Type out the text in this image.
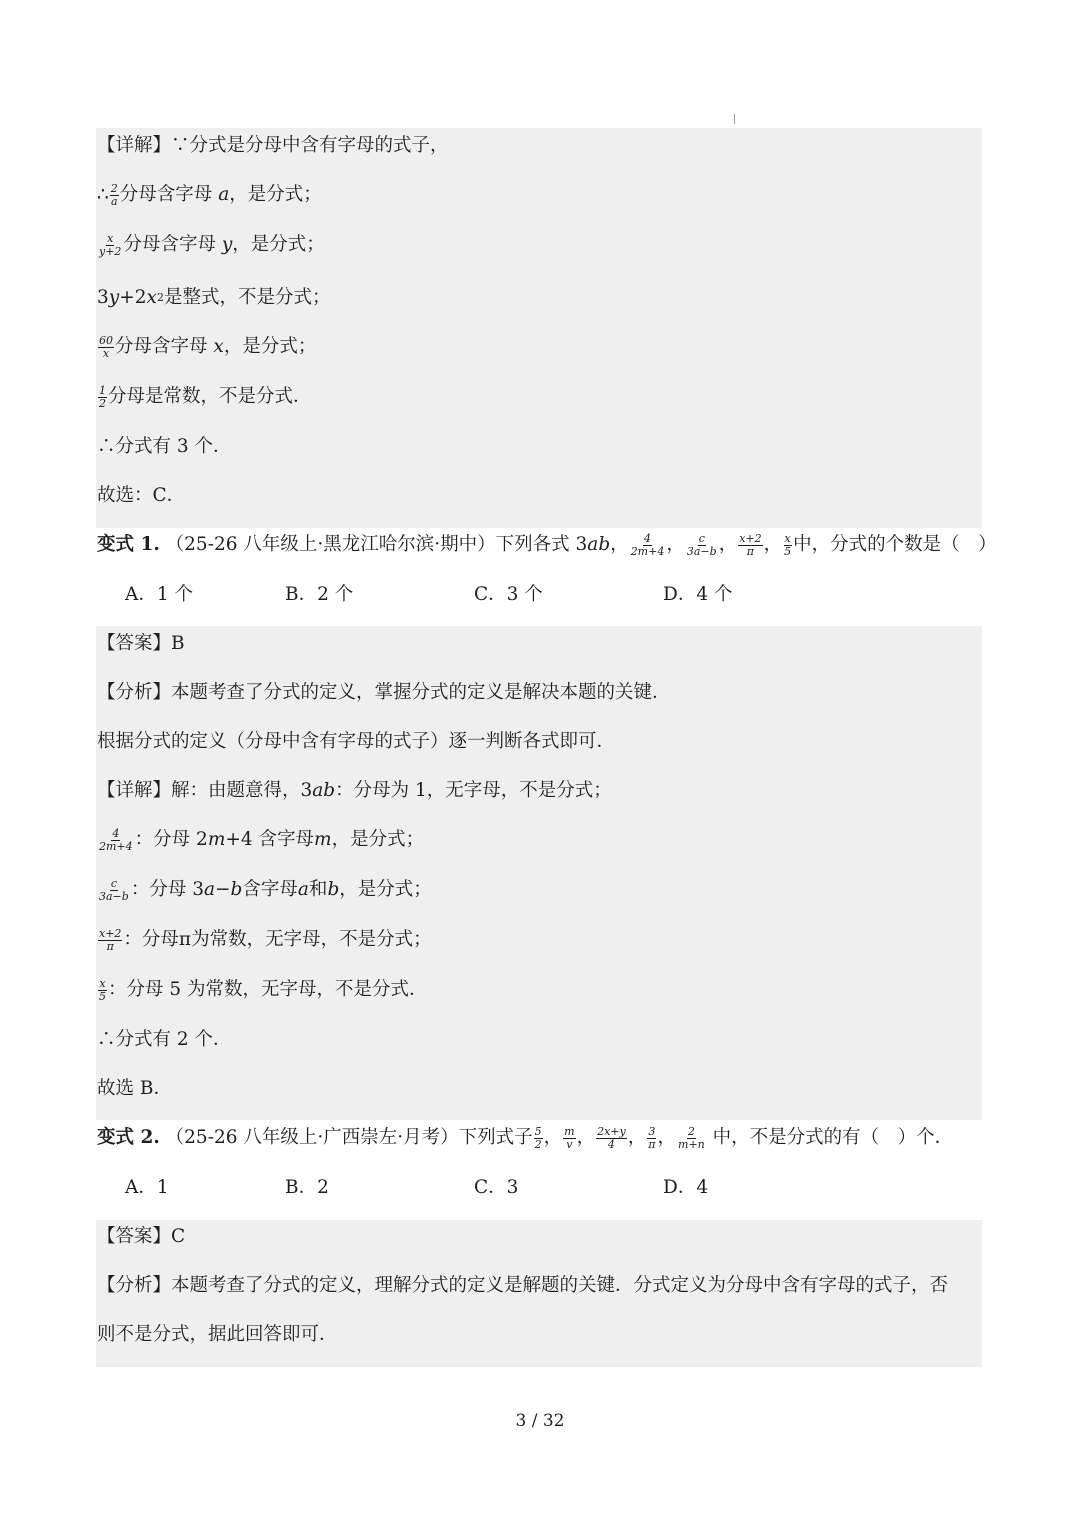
【详解】∵分式是分母中含有字母的式子，
∴ $\frac{2}{a}$ 分母含字母
a ，是分式；
$\frac{x}{y+2}$ 分母含字母
y ，是分式；
3 y +2 x 2 是整式，不是分式；
$\frac{60}{x}$ 分母含字母
x ，是分式；
$\frac{1}{2}$ 分母是常数，不是分式．
∴分式有 3 个．
故选：C．
变式 1.
（25-26 八年级上·黑龙江哈尔滨·期中）下列各式 3 ab ， $\frac{4}{2m+4}$ ， $\frac{c}{3a-b}$ ， $\frac{x+2}{\pi}$ ， $\frac{x}{5}$ 中，分式的个数是（　）
A．1 个	B．2 个	C．3 个	D．4 个
【答案】B
【分析】本题考查了分式的定义，掌握分式的定义是解决本题的关键．
根据分式的定义（分母中含有字母的式子）逐一判断各式即可．
【详解】解：由题意得，3 ab ：分母为 1，无字母，不是分式；
$\frac{4}{2m+4}$ ：分母 2 m +4 含字母 m ，是分式；
$\frac{c}{3a-b}$ ：分母 3 a − b 含字母 a 和 b ，是分式；
$\frac{x+2}{\pi}$ ：分母π为常数，无字母，不是分式；
$\frac{x}{5}$ ：分母 5 为常数，无字母，不是分式．
∴分式有 2 个．
故选 B．
变式 2.
（25-26 八年级上·广西崇左·月考）下列式子 $\frac{5}{2}$ ， $\frac{m}{v}$ ， $\frac{2x+y}{4}$ ， $\frac{3}{\pi}$ ， $\frac{2}{m+n}$
中，不是分式的有（　）个．
A．1	B．2	C．3	D．4
【答案】C
【分析】本题考查了分式的定义，理解分式的定义是解题的关键．分式定义为分母中含有字母的式子，否
则不是分式，据此回答即可．
3 / 32
